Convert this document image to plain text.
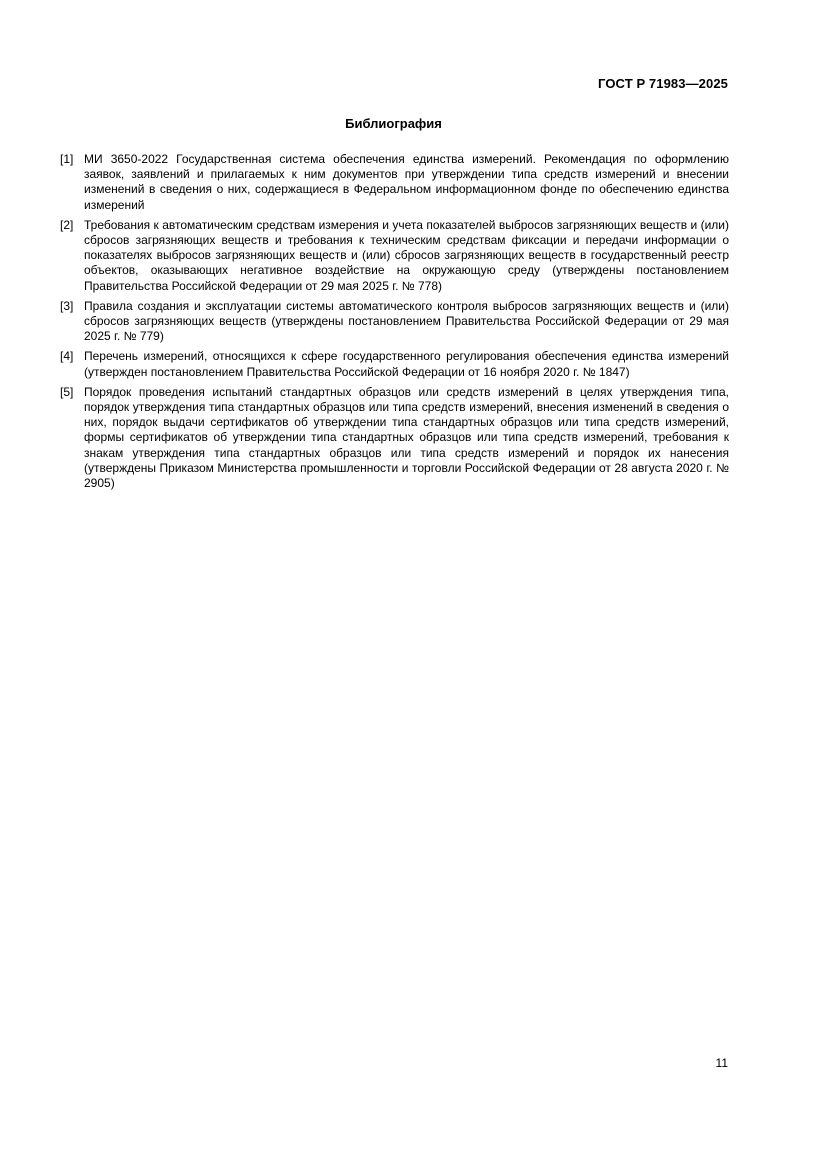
ГОСТ Р 71983—2025
Библиография
[1] МИ 3650-2022 Государственная система обеспечения единства измерений. Рекомендация по оформлению заявок, заявлений и прилагаемых к ним документов при утверждении типа средств измерений и внесении изменений в сведения о них, содержащиеся в Федеральном информационном фонде по обеспечению единства измерений
[2] Требования к автоматическим средствам измерения и учета показателей выбросов загрязняющих веществ и (или) сбросов загрязняющих веществ и требования к техническим средствам фиксации и передачи информации о показателях выбросов загрязняющих веществ и (или) сбросов загрязняющих веществ в государственный реестр объектов, оказывающих негативное воздействие на окружающую среду (утверждены постановлением Правительства Российской Федерации от 29 мая 2025 г. № 778)
[3] Правила создания и эксплуатации системы автоматического контроля выбросов загрязняющих веществ и (или) сбросов загрязняющих веществ (утверждены постановлением Правительства Российской Федерации от 29 мая 2025 г. № 779)
[4] Перечень измерений, относящихся к сфере государственного регулирования обеспечения единства измерений (утвержден постановлением Правительства Российской Федерации от 16 ноября 2020 г. № 1847)
[5] Порядок проведения испытаний стандартных образцов или средств измерений в целях утверждения типа, порядок утверждения типа стандартных образцов или типа средств измерений, внесения изменений в сведения о них, порядок выдачи сертификатов об утверждении типа стандартных образцов или типа средств измерений, формы сертификатов об утверждении типа стандартных образцов или типа средств измерений, требования к знакам утверждения типа стандартных образцов или типа средств измерений и порядок их нанесения (утверждены Приказом Министерства промышленности и торговли Российской Федерации от 28 августа 2020 г. № 2905)
11
